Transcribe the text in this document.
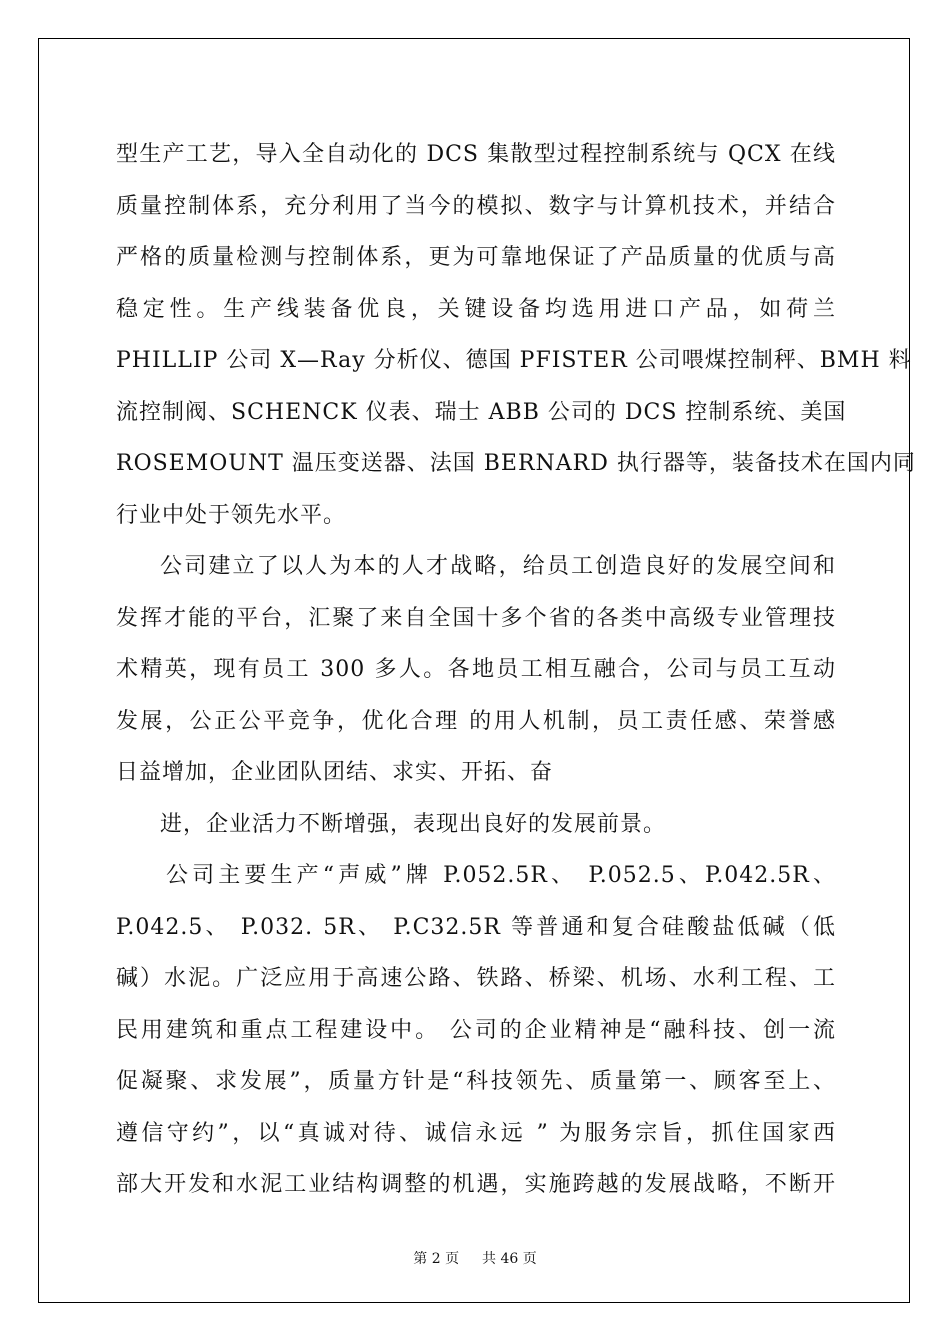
型生产工艺，导入全自动化的 DCS 集散型过程控制系统与 QCX 在线
质量控制体系，充分利用了当今的模拟、数字与计算机技术，并结合
严格的质量检测与控制体系，更为可靠地保证了产品质量的优质与高
稳定性。生产线装备优良，关键设备均选用进口产品，如荷兰
PHILLIP 公司 X—Ray 分析仪、德国 PFISTER 公司喂煤控制秤、BMH 料
流控制阀、SCHENCK 仪表、瑞士 ABB 公司的 DCS 控制系统、美国
ROSEMOUNT 温压变送器、法国 BERNARD 执行器等，装备技术在国内同
行业中处于领先水平。
公司建立了以人为本的人才战略，给员工创造良好的发展空间和
发挥才能的平台，汇聚了来自全国十多个省的各类中高级专业管理技
术精英，现有员工 300 多人。各地员工相互融合，公司与员工互动
发展，公正公平竞争，优化合理 的用人机制，员工责任感、荣誉感
日益增加，企业团队团结、求实、开拓、奋
进，企业活力不断增强，表现出良好的发展前景。
公司主要生产“声威”牌 P.052.5R、 P.052.5、P.042.5R、
P.042.5、 P.032. 5R、 P.C32.5R 等普通和复合硅酸盐低碱（低
碱）水泥。广泛应用于高速公路、铁路、桥梁、机场、水利工程、工
民用建筑和重点工程建设中。 公司的企业精神是“融科技、创一流
促凝聚、求发展”，质量方针是“科技领先、质量第一、顾客至上、
遵信守约”，以“真诚对待、诚信永远 ” 为服务宗旨，抓住国家西
部大开发和水泥工业结构调整的机遇，实施跨越的发展战略，不断开
第 2 页 共 46 页
